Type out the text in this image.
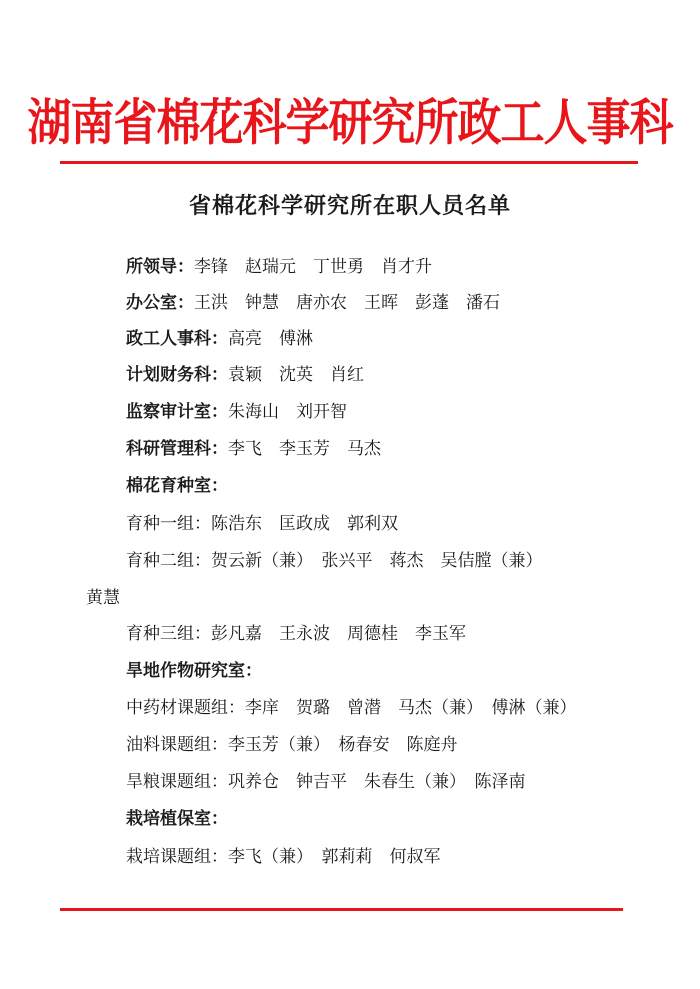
湖南省棉花科学研究所政工人事科
省棉花科学研究所在职人员名单
所领导：李锋　赵瑞元　丁世勇　肖才升
办公室：王洪　钟慧　唐亦农　王晖　彭蓬　潘石
政工人事科：高亮　傅淋
计划财务科：袁颖　沈英　肖红
监察审计室：朱海山　刘开智
科研管理科：李飞　李玉芳　马杰
棉花育种室：
育种一组：陈浩东　匡政成　郭利双
育种二组：贺云新（兼）　张兴平　蒋杰　吴佶膛（兼）
黄慧
育种三组：彭凡嘉　王永波　周德桂　李玉军
旱地作物研究室：
中药材课题组：李庠　贺璐　曾潜　马杰（兼）　傅淋（兼）
油料课题组：李玉芳（兼）　杨春安　陈庭舟
旱粮课题组：巩养仓　钟吉平　朱春生（兼）　陈泽南
栽培植保室：
栽培课题组：李飞（兼）　郭莉莉　何叔军
